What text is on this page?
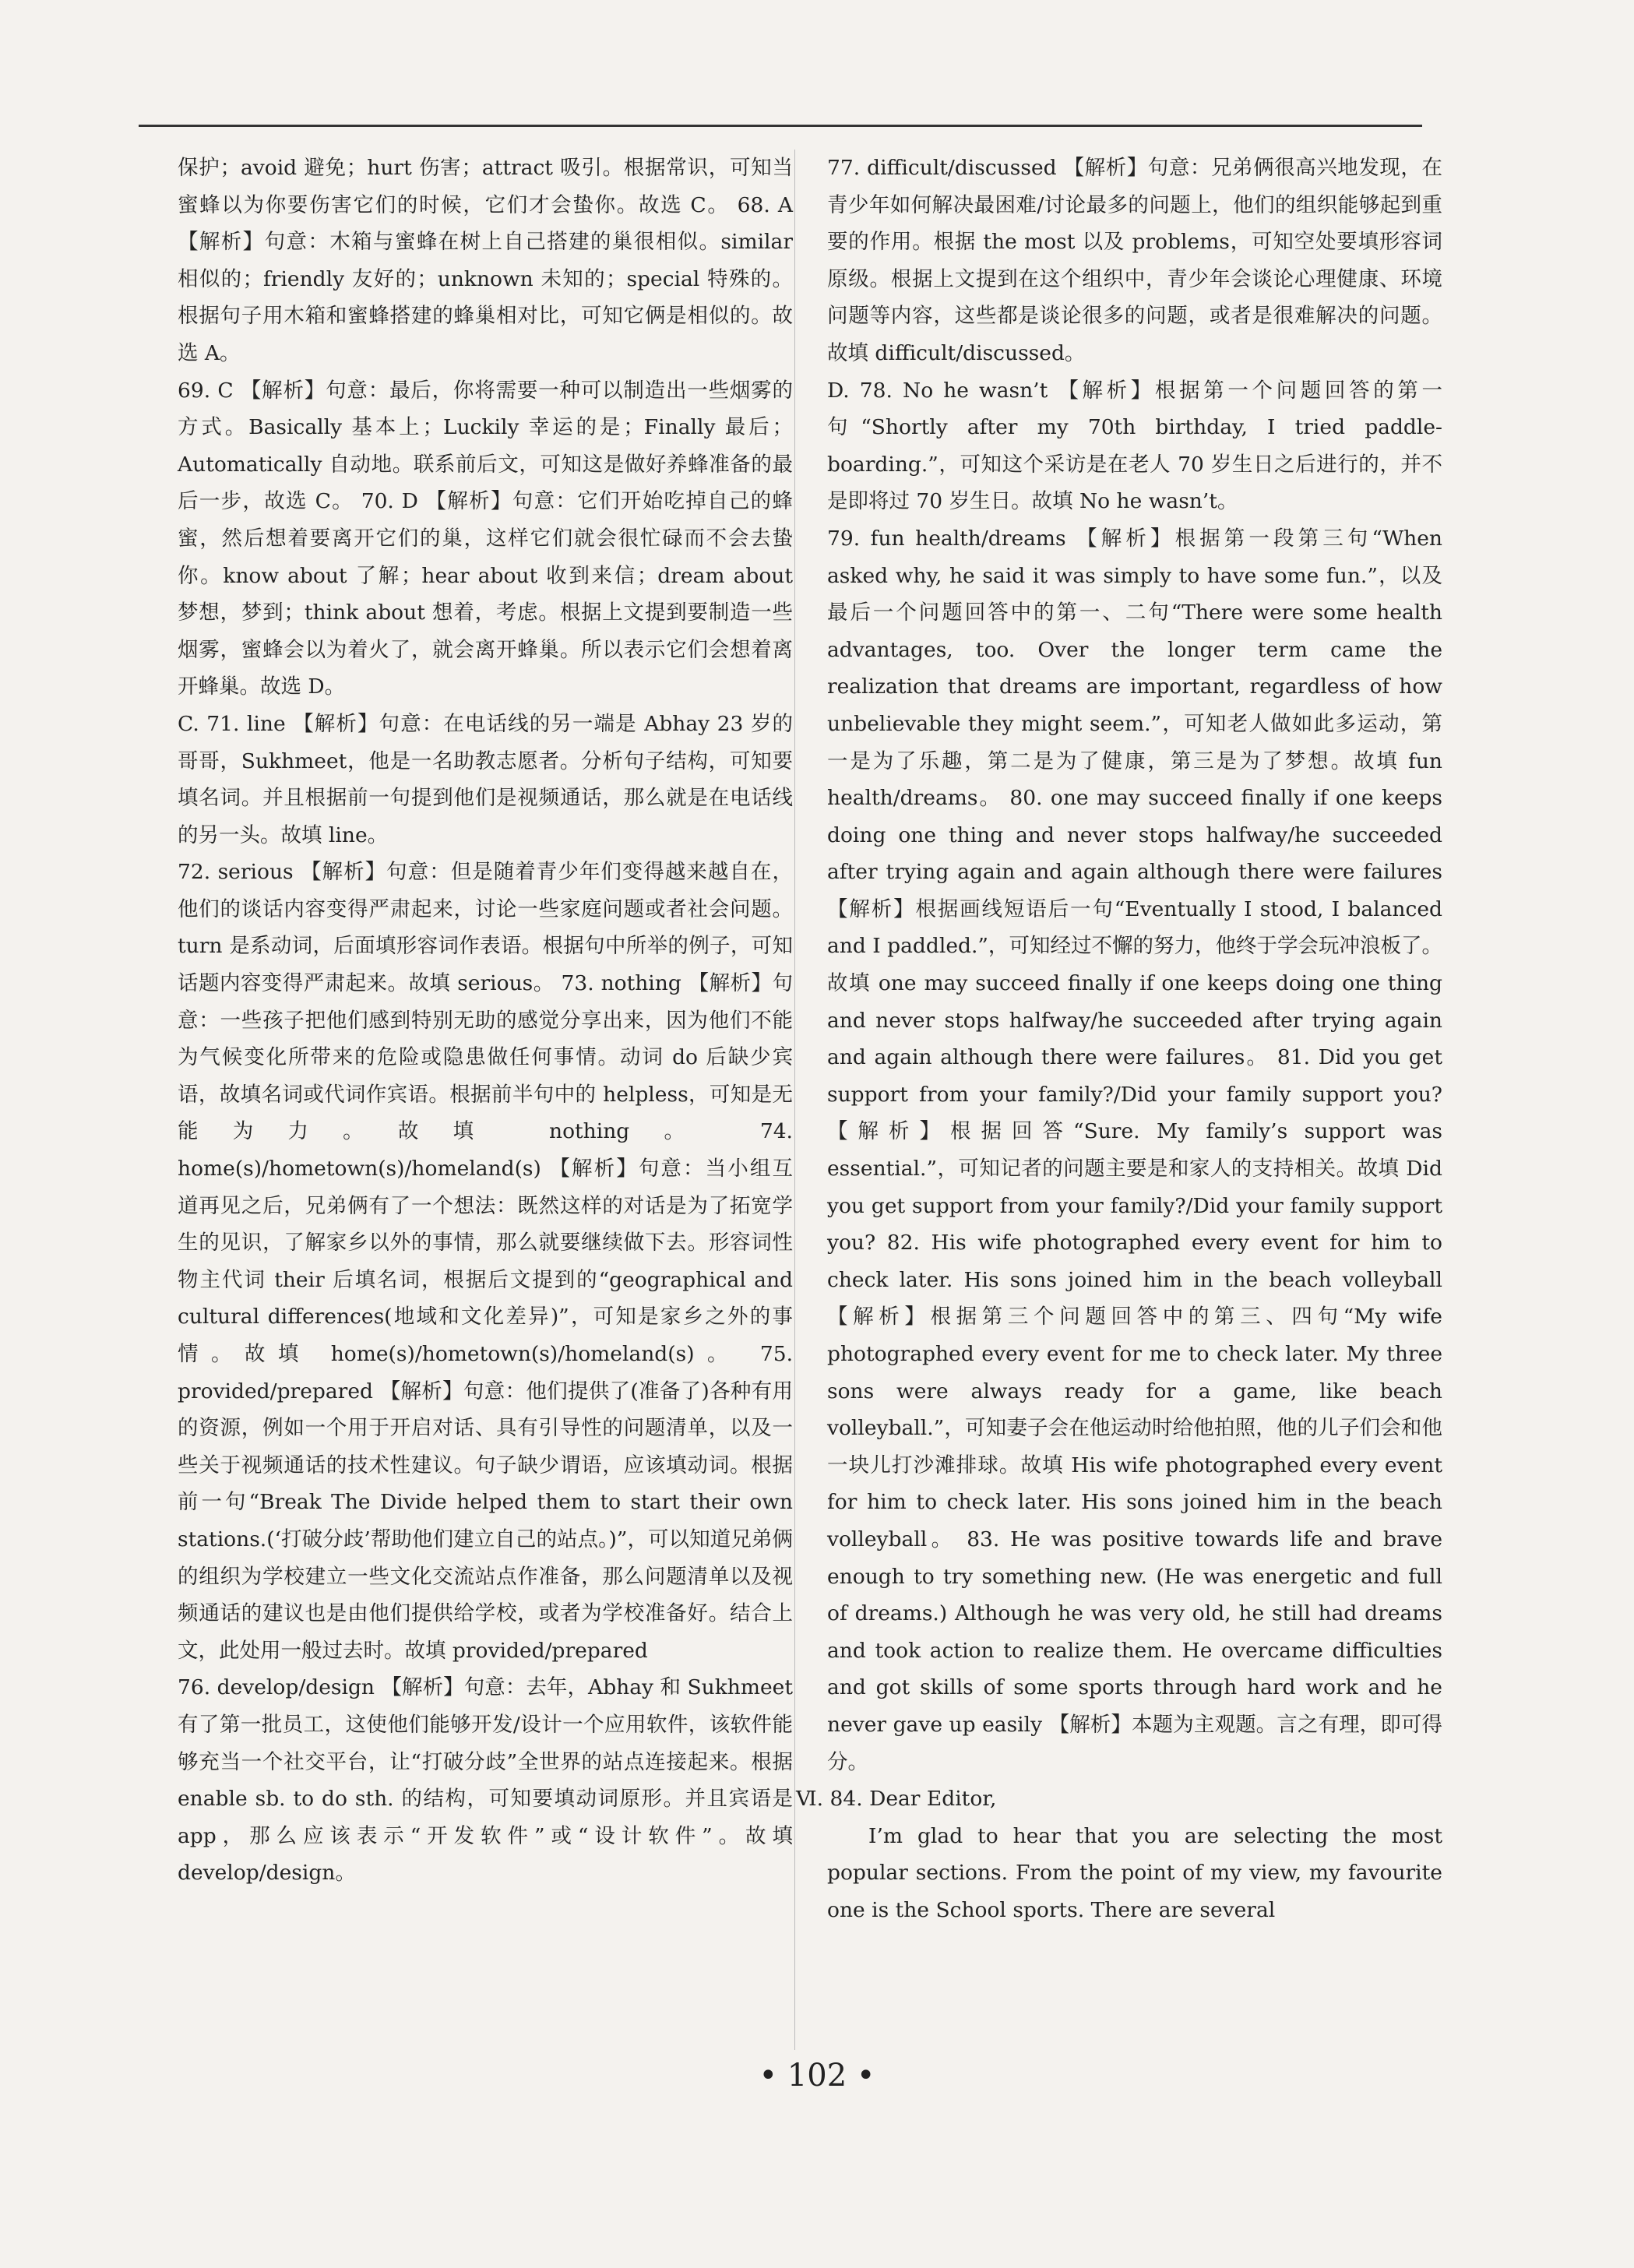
保护；avoid 避免；hurt 伤害；attract 吸引。根据常识，可知当蜜蜂以为你要伤害它们的时候，它们才会蛰你。故选 C。 68. A 【解析】句意：木箱与蜜蜂在树上自己搭建的巢很相似。similar 相似的；friendly 友好的；unknown 未知的；special 特殊的。根据句子用木箱和蜜蜂搭建的蜂巢相对比，可知它俩是相似的。故选 A。

69. C 【解析】句意：最后，你将需要一种可以制造出一些烟雾的方式。Basically 基本上；Luckily 幸运的是；Finally 最后；Automatically 自动地。联系前后文，可知这是做好养蜂准备的最后一步，故选 C。 70. D 【解析】句意：它们开始吃掉自己的蜂蜜，然后想着要离开它们的巢，这样它们就会很忙碌而不会去蛰你。know about 了解；hear about 收到来信；dream about 梦想，梦到；think about 想着，考虑。根据上文提到要制造一些烟雾，蜜蜂会以为着火了，就会离开蜂巢。所以表示它们会想着离开蜂巢。故选 D。

C. 71. line 【解析】句意：在电话线的另一端是 Abhay 23 岁的哥哥，Sukhmeet，他是一名助教志愿者。分析句子结构，可知要填名词。并且根据前一句提到他们是视频通话，那么就是在电话线的另一头。故填 line。

72. serious 【解析】句意：但是随着青少年们变得越来越自在，他们的谈话内容变得严肃起来，讨论一些家庭问题或者社会问题。turn 是系动词，后面填形容词作表语。根据句中所举的例子，可知话题内容变得严肃起来。故填 serious。 73. nothing 【解析】句意：一些孩子把他们感到特别无助的感觉分享出来，因为他们不能为气候变化所带来的危险或隐患做任何事情。动词 do 后缺少宾语，故填名词或代词作宾语。根据前半句中的 helpless，可知是无能为力。故填 nothing。 74. home(s)/hometown(s)/homeland(s) 【解析】句意：当小组互道再见之后，兄弟俩有了一个想法：既然这样的对话是为了拓宽学生的见识，了解家乡以外的事情，那么就要继续做下去。形容词性物主代词 their 后填名词，根据后文提到的“geographical and cultural differences(地域和文化差异)”，可知是家乡之外的事情。故填 home(s)/hometown(s)/homeland(s)。 75. provided/prepared 【解析】句意：他们提供了(准备了)各种有用的资源，例如一个用于开启对话、具有引导性的问题清单，以及一些关于视频通话的技术性建议。句子缺少谓语，应该填动词。根据前一句“Break The Divide helped them to start their own stations.(‘打破分歧’帮助他们建立自己的站点。)”，可以知道兄弟俩的组织为学校建立一些文化交流站点作准备，那么问题清单以及视频通话的建议也是由他们提供给学校，或者为学校准备好。结合上文，此处用一般过去时。故填 provided/prepared

76. develop/design 【解析】句意：去年，Abhay 和 Sukhmeet 有了第一批员工，这使他们能够开发/设计一个应用软件，该软件能够充当一个社交平台，让“打破分歧”全世界的站点连接起来。根据 enable sb. to do sth. 的结构，可知要填动词原形。并且宾语是 app，那么应该表示“开发软件”或“设计软件”。故填 develop/design。

77. difficult/discussed 【解析】句意：兄弟俩很高兴地发现，在青少年如何解决最困难/讨论最多的问题上，他们的组织能够起到重要的作用。根据 the most 以及 problems，可知空处要填形容词原级。根据上文提到在这个组织中，青少年会谈论心理健康、环境问题等内容，这些都是谈论很多的问题，或者是很难解决的问题。故填 difficult/discussed。

D. 78. No he wasn’t 【解析】根据第一个问题回答的第一句“Shortly after my 70th birthday, I tried paddle-boarding.”，可知这个采访是在老人 70 岁生日之后进行的，并不是即将过 70 岁生日。故填 No he wasn’t。

79. fun health/dreams 【解析】根据第一段第三句“When asked why, he said it was simply to have some fun.”，以及最后一个问题回答中的第一、二句“There were some health advantages, too. Over the longer term came the realization that dreams are important, regardless of how unbelievable they might seem.”，可知老人做如此多运动，第一是为了乐趣，第二是为了健康，第三是为了梦想。故填 fun health/dreams。 80. one may succeed finally if one keeps doing one thing and never stops halfway/he succeeded after trying again and again although there were failures 【解析】根据画线短语后一句“Eventually I stood, I balanced and I paddled.”，可知经过不懈的努力，他终于学会玩冲浪板了。故填 one may succeed finally if one keeps doing one thing and never stops halfway/he succeeded after trying again and again although there were failures。 81. Did you get support from your family?/Did your family support you? 【解析】根据回答“Sure. My family’s support was essential.”，可知记者的问题主要是和家人的支持相关。故填 Did you get support from your family?/Did your family support you? 82. His wife photographed every event for him to check later. His sons joined him in the beach volleyball 【解析】根据第三个问题回答中的第三、四句“My wife photographed every event for me to check later. My three sons were always ready for a game, like beach volleyball.”，可知妻子会在他运动时给他拍照，他的儿子们会和他一块儿打沙滩排球。故填 His wife photographed every event for him to check later. His sons joined him in the beach volleyball。 83. He was positive towards life and brave enough to try something new. (He was energetic and full of dreams.) Although he was very old, he still had dreams and took action to realize them. He overcame difficulties and got skills of some sports through hard work and he never gave up easily 【解析】本题为主观题。言之有理，即可得分。

Ⅵ. 84. Dear Editor,

I’m glad to hear that you are selecting the most popular sections. From the point of my view, my favourite one is the School sports. There are several

• 102 •
